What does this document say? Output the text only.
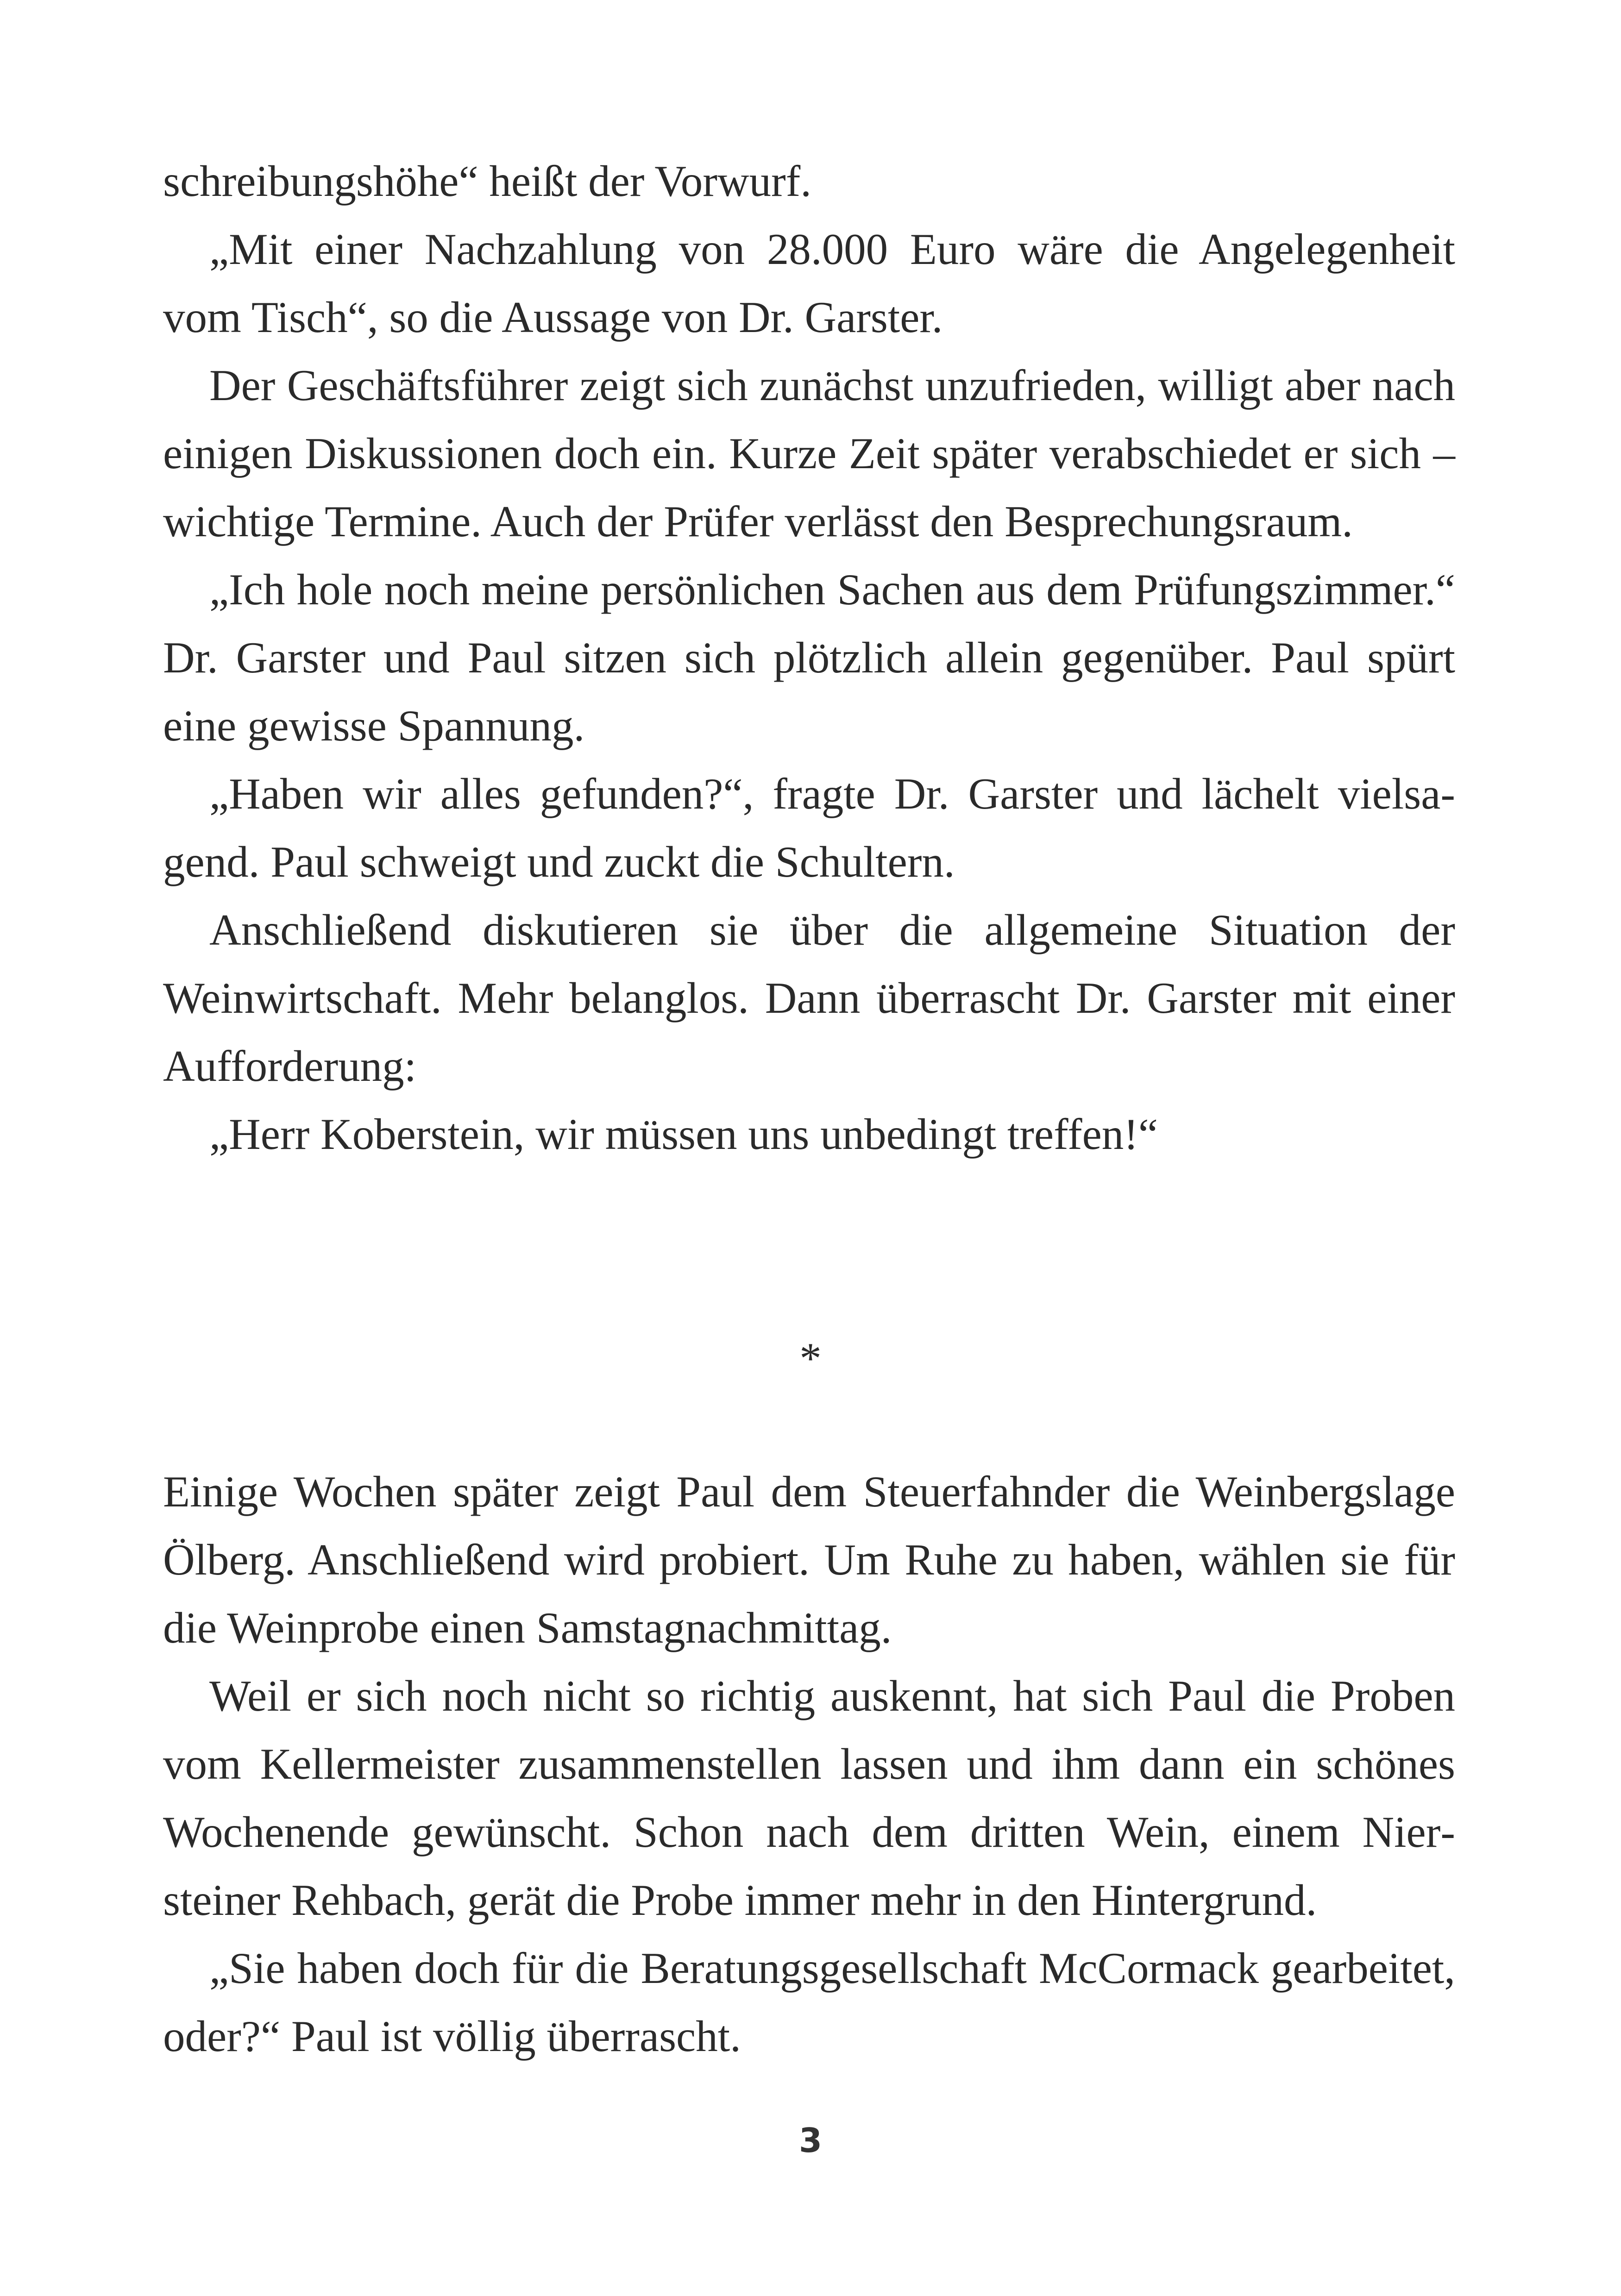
schreibungshöhe“ heißt der Vorwurf.

„Mit einer Nachzahlung von 28.000 Euro wäre die Angelegenheit vom Tisch“, so die Aussage von Dr. Garster.

Der Geschäftsführer zeigt sich zunächst unzufrieden, willigt aber nach einigen Diskussionen doch ein. Kurze Zeit später verabschiedet er sich – wichtige Termine. Auch der Prüfer verlässt den Besprechungsraum.

„Ich hole noch meine persönlichen Sachen aus dem Prüfungszimmer.“ Dr. Garster und Paul sitzen sich plötzlich allein gegenüber. Paul spürt eine gewisse Spannung.

„Haben wir alles gefunden?“, fragte Dr. Garster und lächelt vielsagend. Paul schweigt und zuckt die Schultern.

Anschließend diskutieren sie über die allgemeine Situation der Weinwirtschaft. Mehr belanglos. Dann überrascht Dr. Garster mit einer Aufforderung:

„Herr Koberstein, wir müssen uns unbedingt treffen!“

*

Einige Wochen später zeigt Paul dem Steuerfahnder die Weinbergslage Ölberg. Anschließend wird probiert. Um Ruhe zu haben, wählen sie für die Weinprobe einen Samstagnachmittag.

Weil er sich noch nicht so richtig auskennt, hat sich Paul die Proben vom Kellermeister zusammenstellen lassen und ihm dann ein schönes Wochenende gewünscht. Schon nach dem dritten Wein, einem Niersteiner Rehbach, gerät die Probe immer mehr in den Hintergrund.

„Sie haben doch für die Beratungsgesellschaft McCormack gearbeitet, oder?“ Paul ist völlig überrascht.

3
